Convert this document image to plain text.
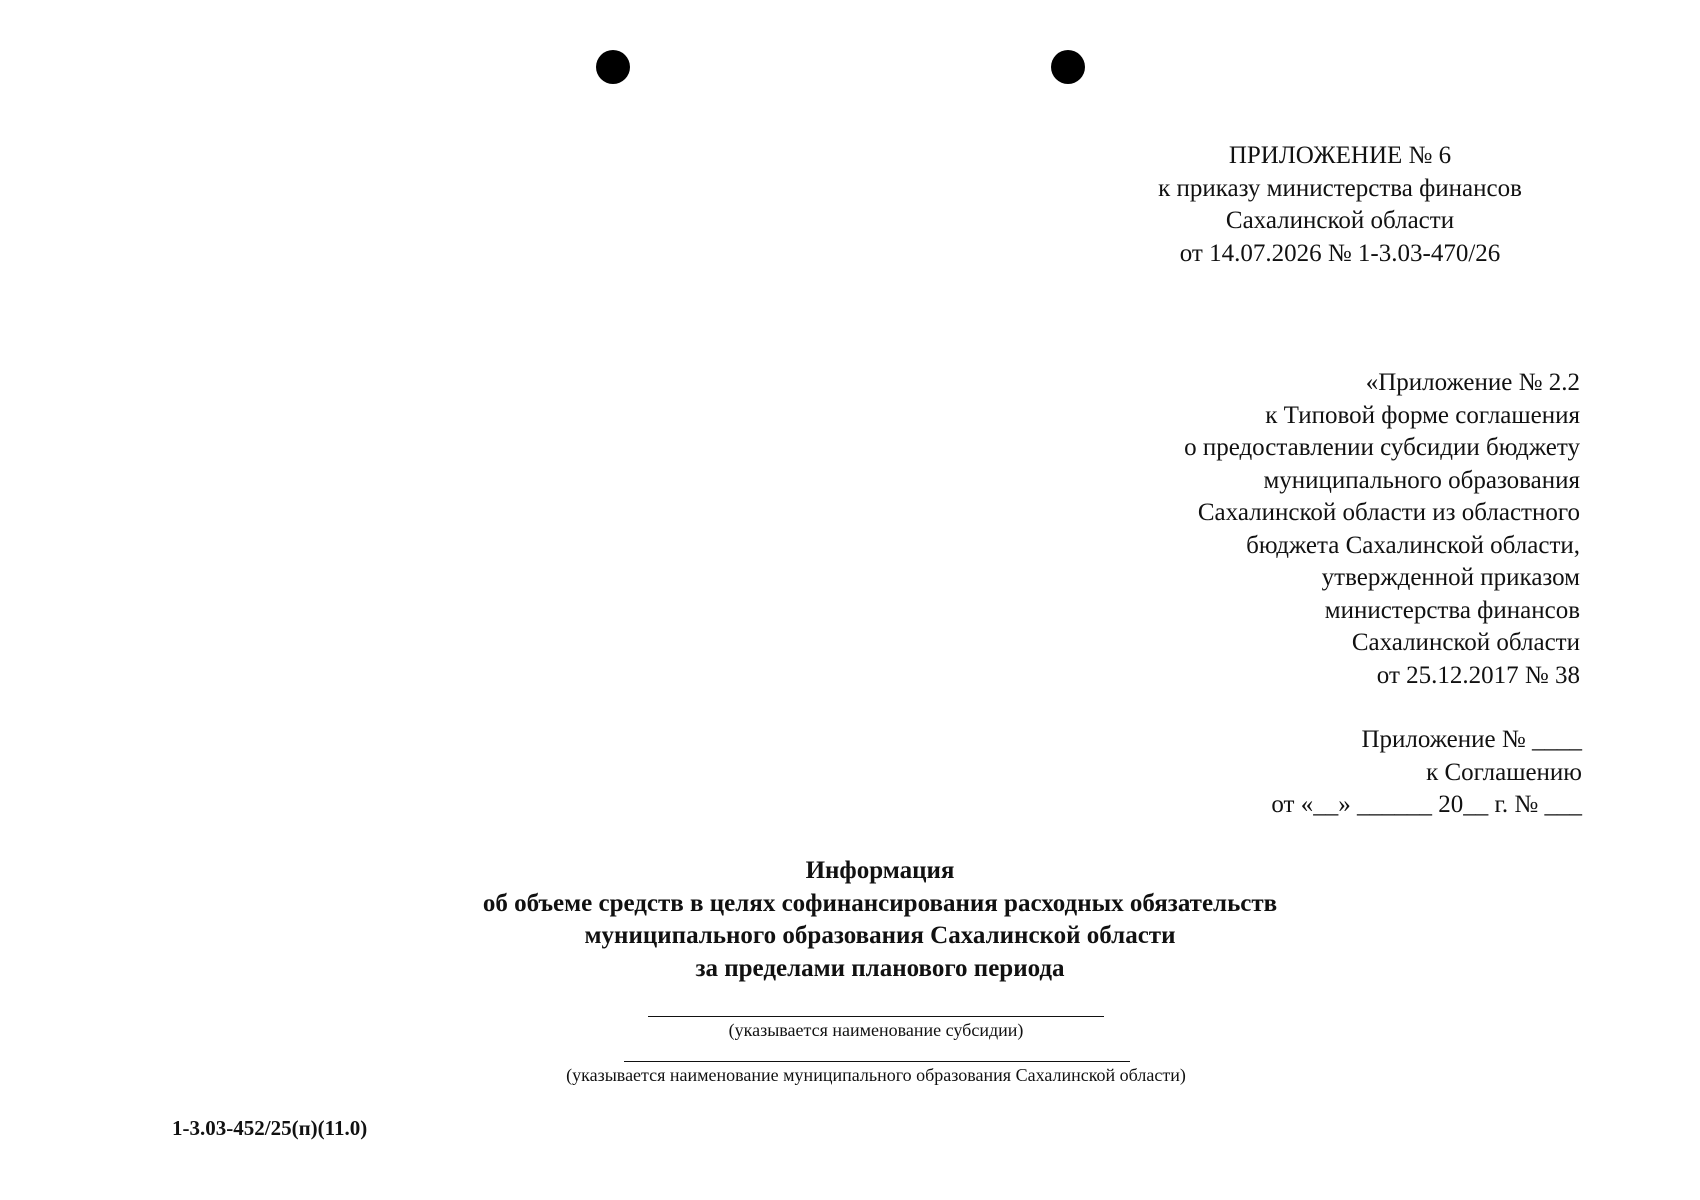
ПРИЛОЖЕНИЕ № 6
к приказу министерства финансов
Сахалинской области
от 14.07.2026 № 1-3.03-470/26
«Приложение № 2.2
к Типовой форме соглашения
о предоставлении субсидии бюджету
муниципального образования
Сахалинской области из областного
бюджета Сахалинской области,
утвержденной приказом
министерства финансов
Сахалинской области
от 25.12.2017 № 38
Приложение № ____
к Соглашению
от «__» ______ 20__ г. № ___
Информация
об объеме средств в целях софинансирования расходных обязательств
муниципального образования Сахалинской области
за пределами планового периода
(указывается наименование субсидии)
(указывается наименование муниципального образования Сахалинской области)
1-3.03-452/25(п)(11.0)
